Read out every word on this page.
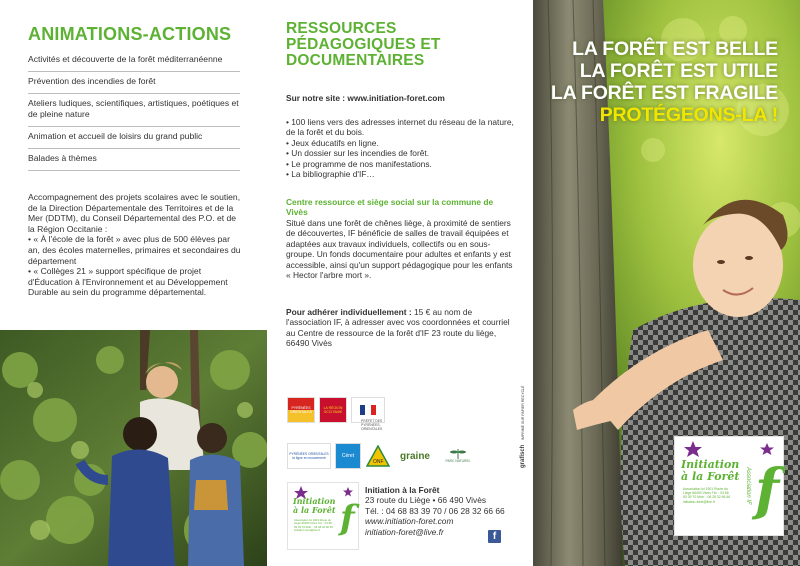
ANIMATIONS-ACTIONS
Activités et découverte de la forêt méditerranéenne
Prévention des incendies de forêt
Ateliers ludiques, scientifiques, artistiques, poétiques et de pleine nature
Animation et accueil de loisirs du grand public
Balades à thèmes

Accompagnement des projets scolaires avec le soutien, de la Direction Départementale des Territoires et de la Mer (DDTM), du Conseil Départemental des P.O. et de la Région Occitanie :

• « À l'école de la forêt » avec plus de 500 élèves par an, des écoles maternelles, primaires et secondaires du département

• « Collèges 21 » support spécifique de projet d'Éducation à l'Environnement et au Développement Durable au sein du programme départemental.

RESSOURCES PÉDAGOGIQUES ET DOCUMENTAIRES
Sur notre site : www.initiation-foret.com
• 100 liens vers des adresses internet du réseau de la nature, de la forêt et du bois.
• Jeux éducatifs en ligne.
• Un dossier sur les incendies de forêt.
• Le programme de nos manifestations.
• La bibliographie d'IF…
Centre ressource et siège social sur la commune de Vivès
Situé dans une forêt de chênes liège, à proximité de sentiers de découvertes, IF bénéficie de salles de travail équipées et adaptées aux travaux individuels, collectifs ou en sous-groupe. Un fonds documentaire pour adultes et enfants y est accessible, ainsi qu'un support pédagogique pour les enfants « Hector l'arbre mort ».
Pour adhérer individuellement : 15 € au nom de l'association IF, à adresser avec vos coordonnées et courriel au Centre de ressource de la forêt d'IF 23 route du liège, 66490 Vivès
PYRÉNÉES ORIENTALES
LA RÉGION OCCITANIE
PRÉFET DES PYRÉNÉES-ORIENTALES
PYRÉNÉES ORIENTALES la ligne en mouvement	Céret
ONF
graine	PARC NATUREL
f
Initiation
à la Forêt
Association loi 1901 Route du Liège 66490 Vivès Tél. : 04 68 83 39 70 Mob. : 06 28 32 66 66 initiation-foret@live.fr
Initiation à la Forêt
23 route du Liège • 66 490 Vivès
Tél. : 04 68 83 39 70 / 06 28 32 66 66
www.initiation-foret.com
initiation-foret@live.fr	f
grafisch IMPRIMÉ SUR PAPIER RECYCLÉ
LA FORÊT EST BELLE
LA FORÊT EST UTILE
LA FORÊT EST FRAGILE
PROTÉGEONS-LA !
f
Initiation
à la Forêt
Association loi 1901 Route du Liège 66490 Vivès Tél. : 04 68 83 39 70 Mob. : 06 28 32 66 66 initiation-foret@live.fr	Association IF
